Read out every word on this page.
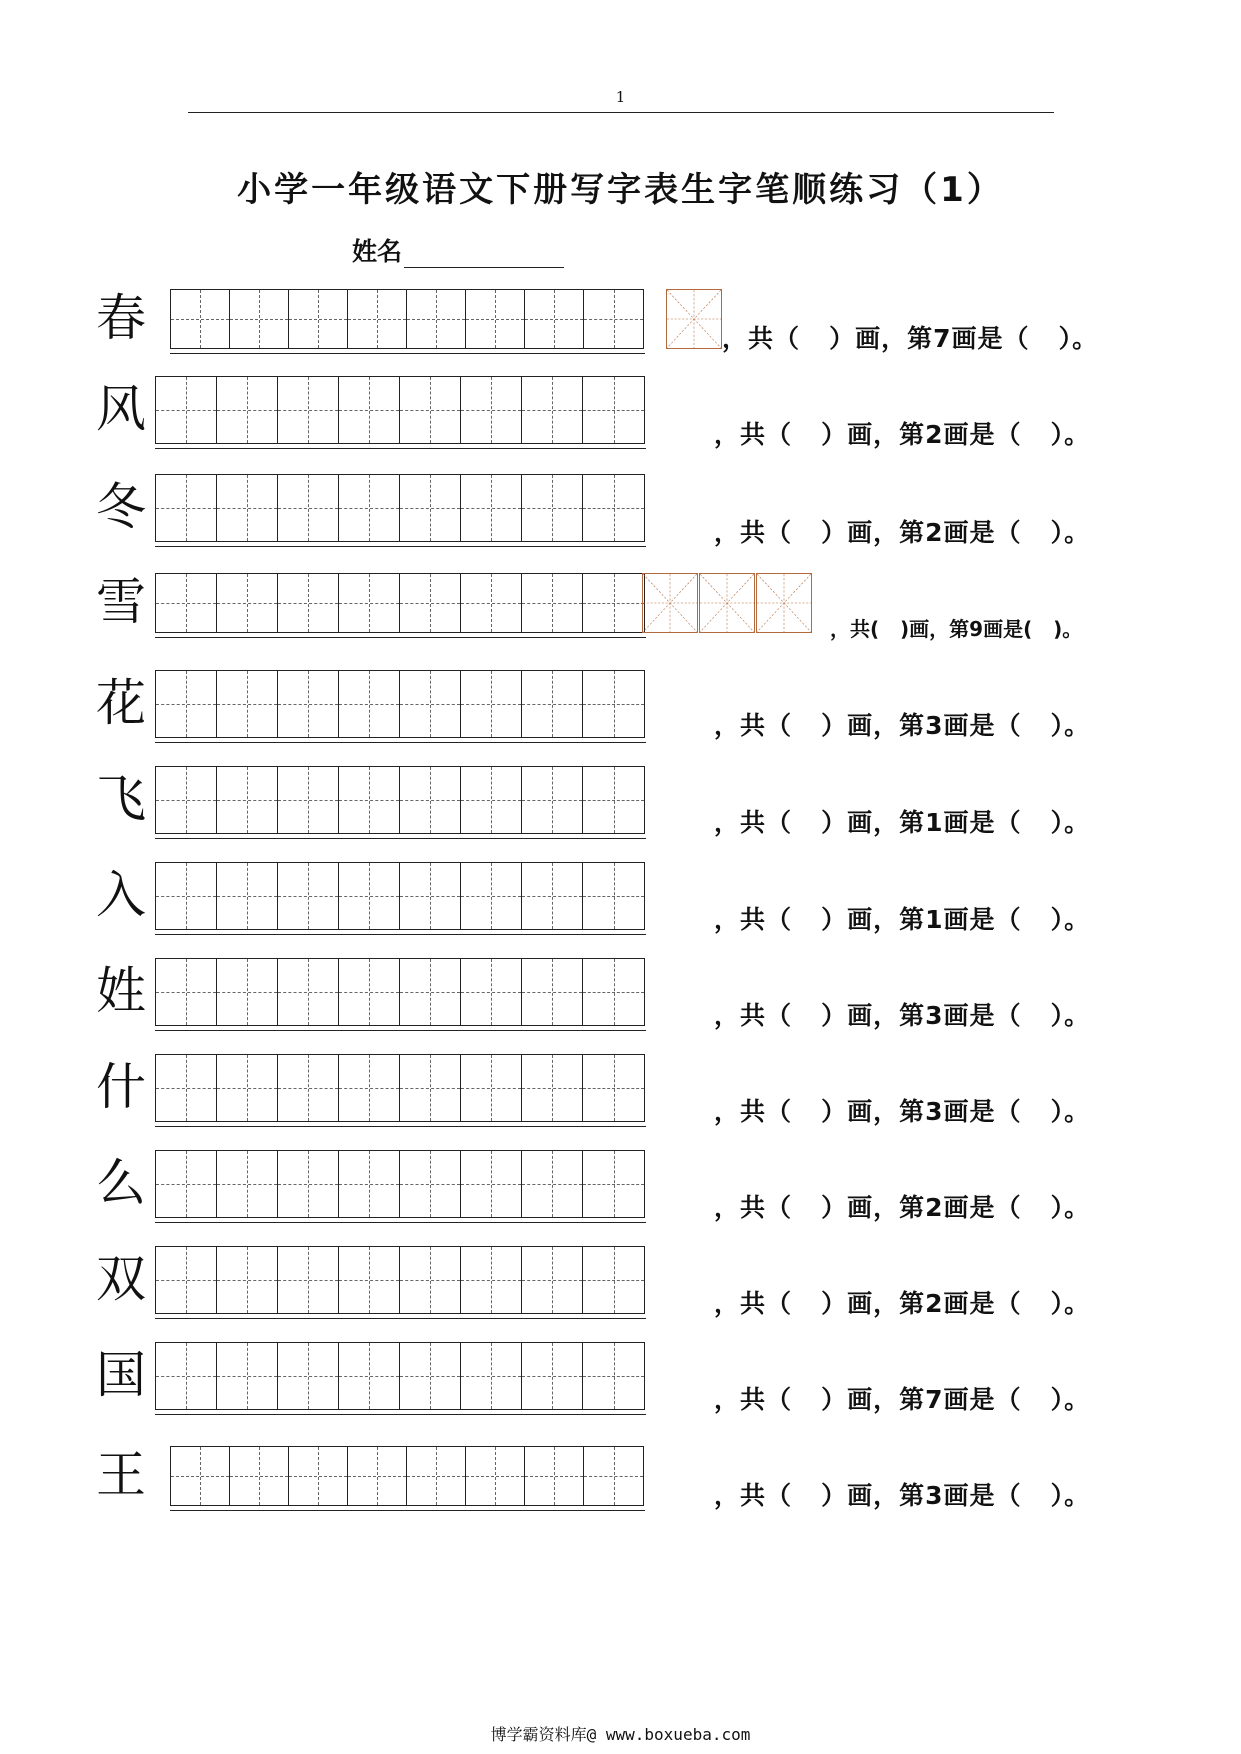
1
小学一年级语文下册写字表生字笔顺练习（1）
姓名
春	，共（   ）画，第7画是（   ）。
风	，共（   ）画，第2画是（   ）。
冬	，共（   ）画，第2画是（   ）。
雪	，共(   )画，第9画是(   )。
花	，共（   ）画，第3画是（   ）。
飞	，共（   ）画，第1画是（   ）。
入	，共（   ）画，第1画是（   ）。
姓	，共（   ）画，第3画是（   ）。
什	，共（   ）画，第3画是（   ）。
么	，共（   ）画，第2画是（   ）。
双	，共（   ）画，第2画是（   ）。
国	，共（   ）画，第7画是（   ）。
王	，共（   ）画，第3画是（   ）。
博学霸资料库@ www.boxueba.com
